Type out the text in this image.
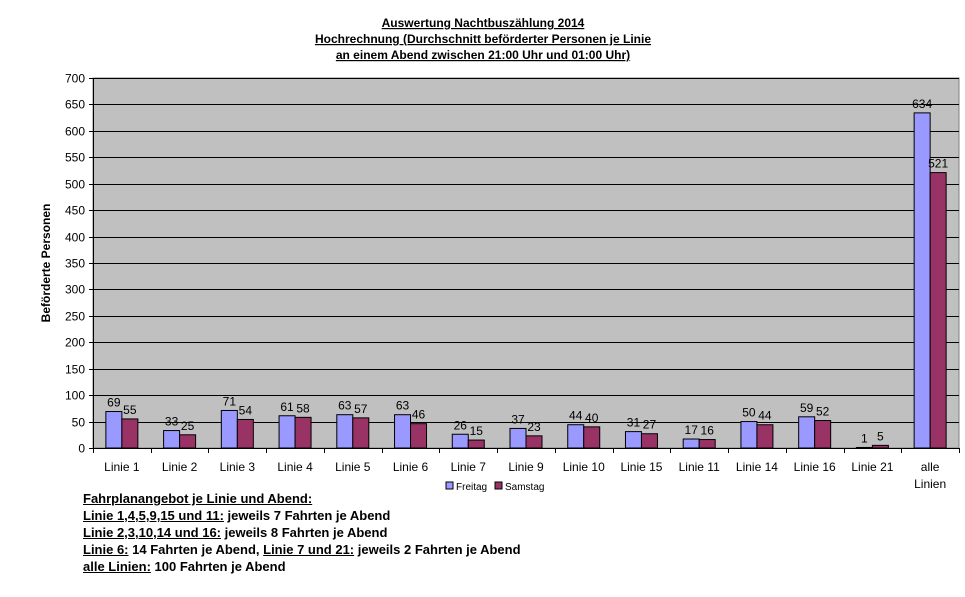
Auswertung Nachtbuszählung 2014
Hochrechnung (Durchschnitt beförderter Personen je Linie
an einem Abend zwischen 21:00 Uhr und 01:00 Uhr)
0
50
100
150
200
250
300
350
400
450
500
550
600
650
700
Beförderte Personen
Linie 1 Linie 2 Linie 3 Linie 4 Linie 5 Linie 6 Linie 7 Linie 9 Linie 10 Linie 15 Linie 11 Linie 14 Linie 16 Linie 21 alle
Linien
69
33
71	61	63	63
26	37	44	31
17
50	59
1
634
55
25
54	58	57	46
15	23
40	27	16
44	52
5
521
Freitag Samstag
Fahrplanangebot je Linie und Abend:
Linie 1,4,5,9,15 und 11: jeweils 7 Fahrten je Abend
Linie 2,3,10,14 und 16: jeweils 8 Fahrten je Abend
Linie 6: 14 Fahrten je Abend, Linie 7 und 21: jeweils 2 Fahrten je Abend
alle Linien: 100 Fahrten je Abend
